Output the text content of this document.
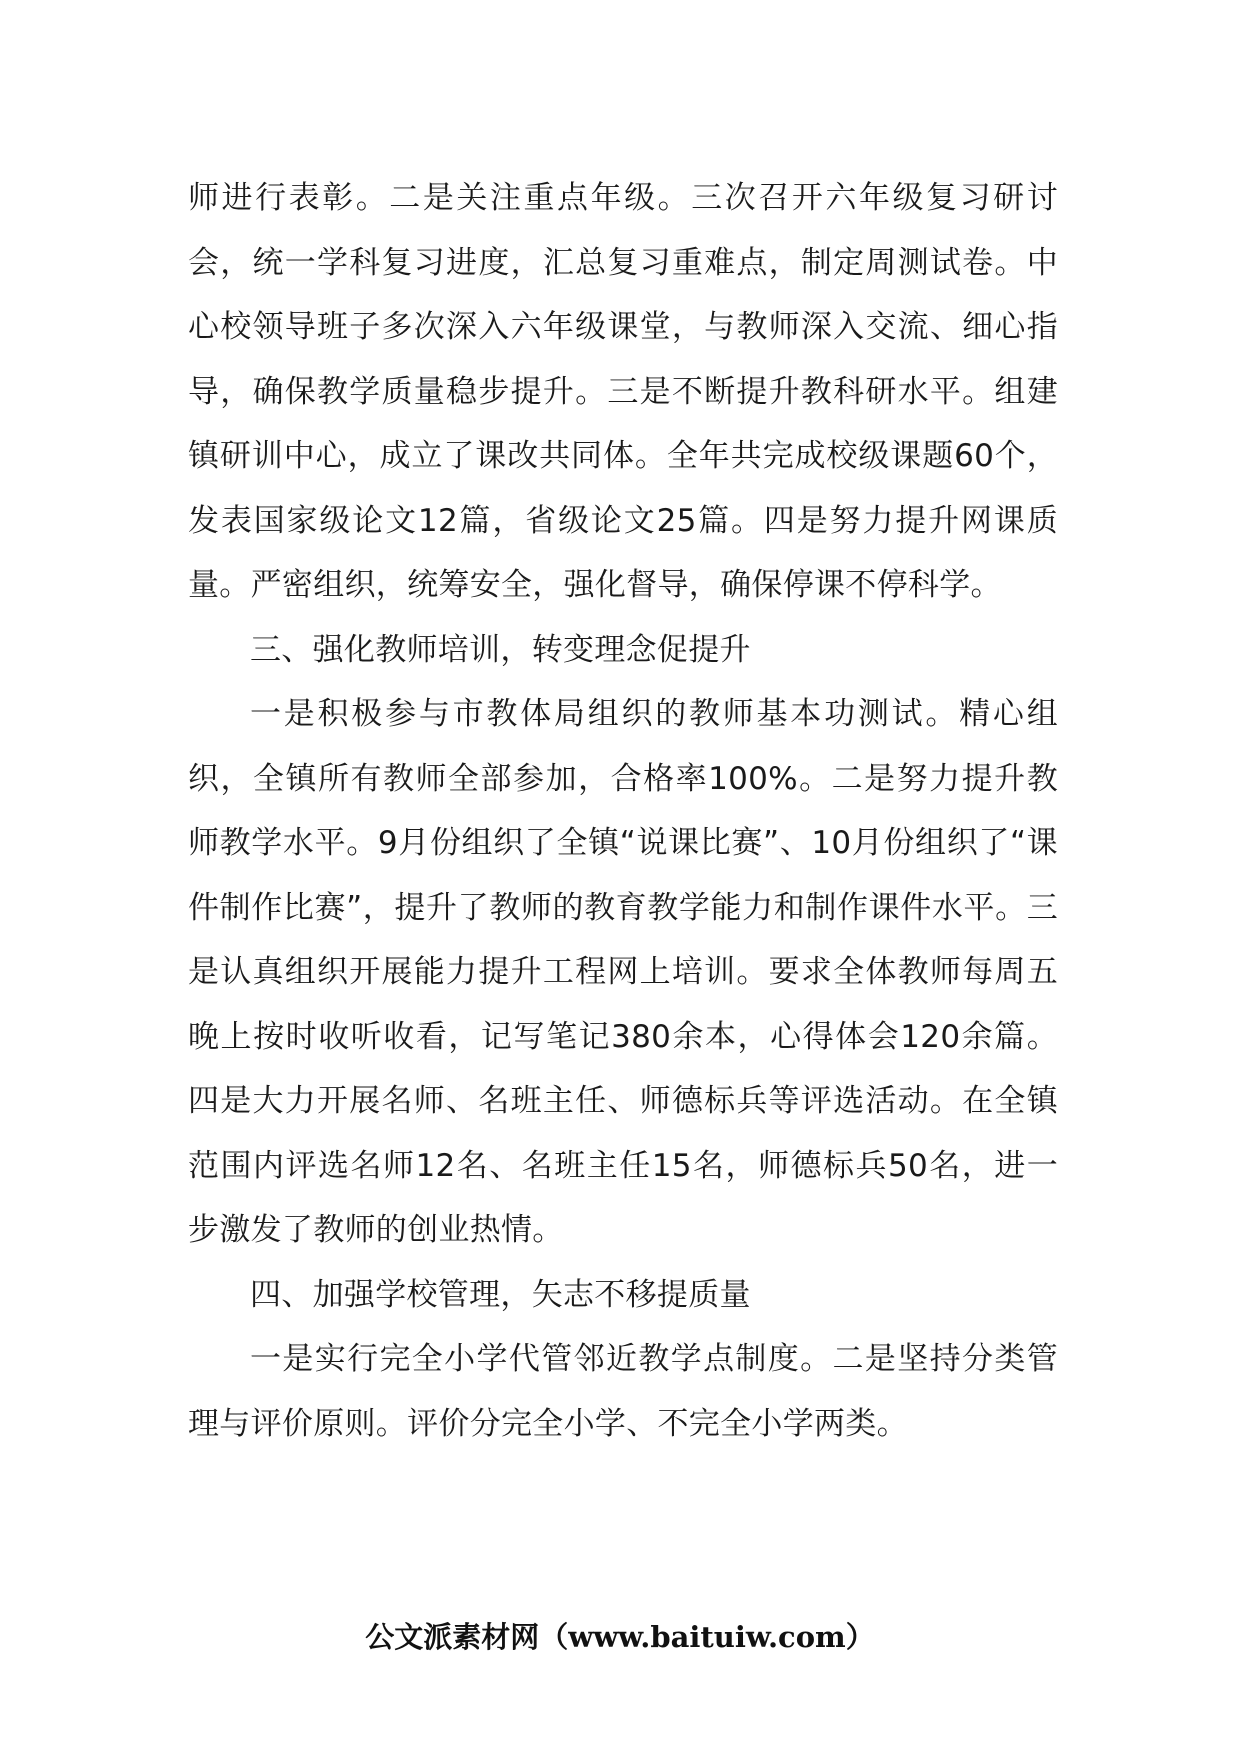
师进行表彰。二是关注重点年级。三次召开六年级复习研讨会，统一学科复习进度，汇总复习重难点，制定周测试卷。中心校领导班子多次深入六年级课堂，与教师深入交流、细心指导，确保教学质量稳步提升。三是不断提升教科研水平。组建镇研训中心，成立了课改共同体。全年共完成校级课题60个，发表国家级论文12篇，省级论文25篇。四是努力提升网课质量。严密组织，统筹安全，强化督导，确保停课不停科学。

三、强化教师培训，转变理念促提升

一是积极参与市教体局组织的教师基本功测试。精心组织，全镇所有教师全部参加，合格率100%。二是努力提升教师教学水平。9月份组织了全镇“说课比赛”、10月份组织了“课件制作比赛”，提升了教师的教育教学能力和制作课件水平。三是认真组织开展能力提升工程网上培训。要求全体教师每周五晚上按时收听收看，记写笔记380余本，心得体会120余篇。四是大力开展名师、名班主任、师德标兵等评选活动。在全镇范围内评选名师12名、名班主任15名，师德标兵50名，进一步激发了教师的创业热情。

四、加强学校管理，矢志不移提质量

一是实行完全小学代管邻近教学点制度。二是坚持分类管理与评价原则。评价分完全小学、不完全小学两类。

公文派素材网（www.baituiw.com）
